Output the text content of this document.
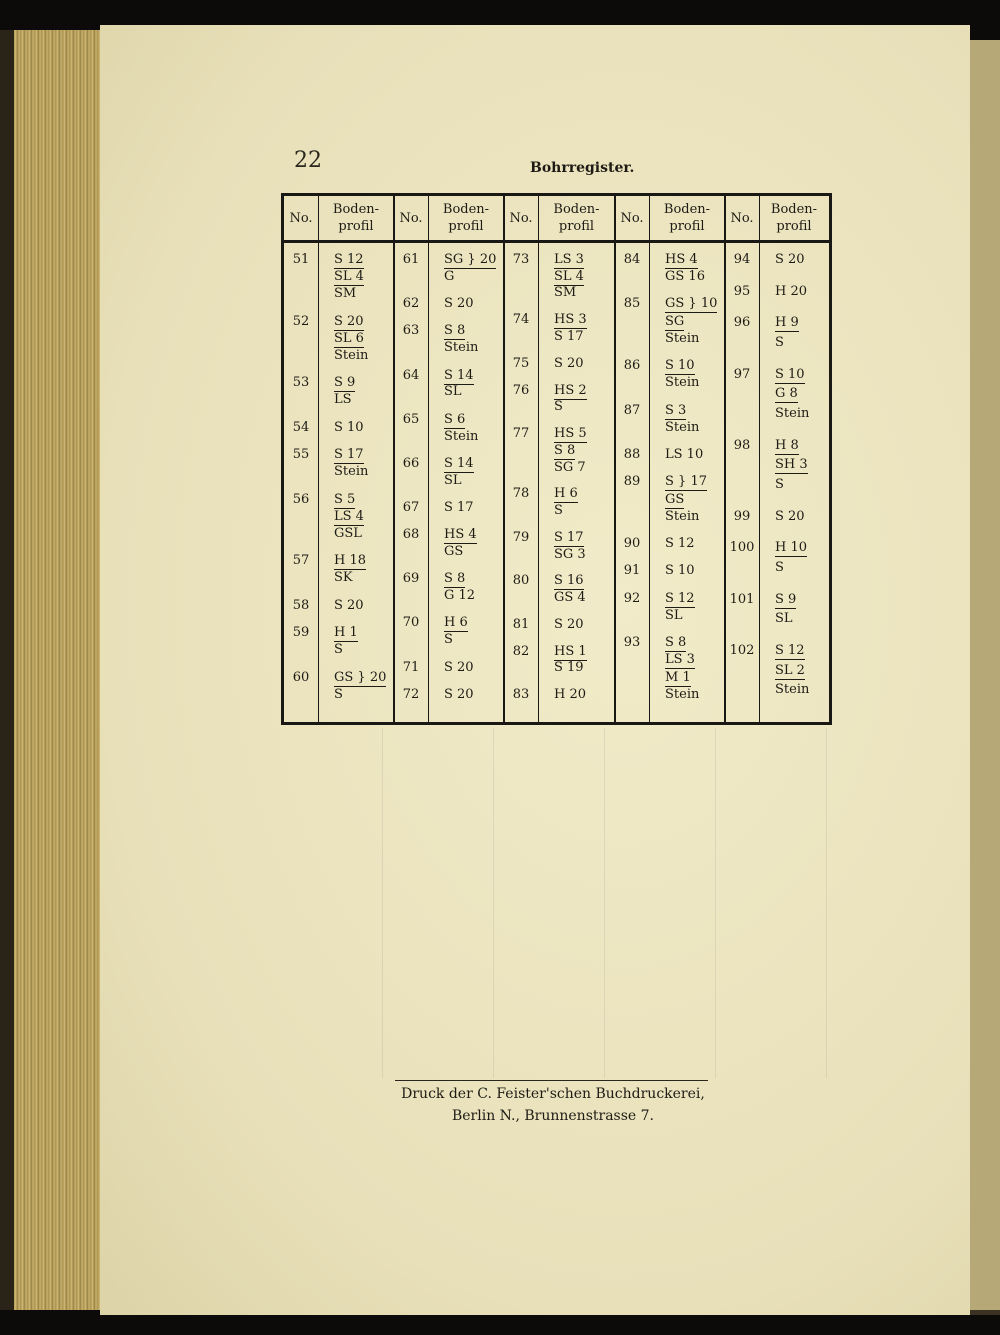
22	Bohrregister.
No.
Boden-
profil
51	S 12
SL 4
SM
52	S 20
SL 6
Stein
53	S 9
LS
54	S 10
55	S 17
Stein
56	S 5
LS 4
GSL
57	H 18
SK
58	S 20
59	H 1
S
60	GS } 20
S
No.
Boden-
profil
61	SG } 20
G
62	S 20
63	S 8
Stein
64	S 14
SL
65	S 6
Stein
66	S 14
SL
67	S 17
68	HS 4
GS
69	S 8
G 12
70	H 6
S
71	S 20
72	S 20
No.
Boden-
profil
73	LS 3
SL 4
SM
74	HS 3
S 17
75	S 20
76	HS 2
S
77	HS 5
S 8
SG 7
78	H 6
S
79	S 17
SG 3
80	S 16
GS 4
81	S 20
82	HS 1
S 19
83	H 20
No.
Boden-
profil
84	HS 4
GS 16
85	GS } 10
SG
Stein
86	S 10
Stein
87	S 3
Stein
88	LS 10
89	S } 17
GS
Stein
90	S 12
91	S 10
92	S 12
SL
93	S 8
LS 3
M 1
Stein
No.
Boden-
profil
94	S 20
95	H 20
96	H 9
S
97	S 10
G 8
Stein
98	H 8
SH 3
S
99	S 20
100	H 10
S
101	S 9
SL
102	S 12
SL 2
Stein
Druck der C. Feister'schen Buchdruckerei,
Berlin N., Brunnenstrasse 7.
